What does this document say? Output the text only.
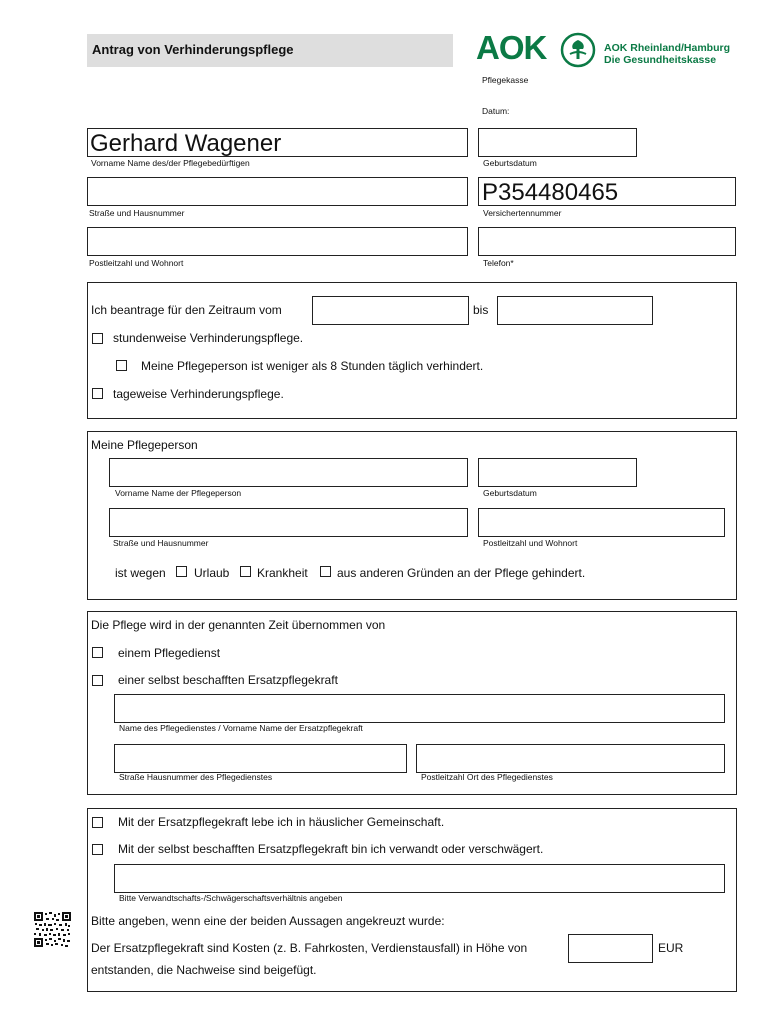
Antrag von Verhinderungspflege	AOK	AOK Rheinland/Hamburg
Die Gesundheitskasse
Pflegekasse
Datum:
Gerhard Wagener
Vorname Name des/der Pflegebedürftigen	Geburtsdatum
Straße und Hausnummer
P354480465
Versichertennummer
Postleitzahl und Wohnort	Telefon*
Ich beantrage für den Zeitraum vom	bis
stundenweise Verhinderungspflege.
Meine Pflegeperson ist weniger als 8 Stunden täglich verhindert.
tageweise Verhinderungspflege.
Meine Pflegeperson
Vorname Name der Pflegeperson	Geburtsdatum
Straße und Hausnummer	Postleitzahl und Wohnort
ist wegen Urlaub Krankheit aus anderen Gründen an der Pflege gehindert.
Die Pflege wird in der genannten Zeit übernommen von
einem Pflegedienst
einer selbst beschafften Ersatzpflegekraft
Name des Pflegedienstes / Vorname Name der Ersatzpflegekraft
Straße Hausnummer des Pflegedienstes	Postleitzahl Ort des Pflegedienstes
Mit der Ersatzpflegekraft lebe ich in häuslicher Gemeinschaft.
Mit der selbst beschafften Ersatzpflegekraft bin ich verwandt oder verschwägert.
Bitte Verwandtschafts-/Schwägerschaftsverhältnis angeben
Bitte angeben, wenn eine der beiden Aussagen angekreuzt wurde:
Der Ersatzpflegekraft sind Kosten (z. B. Fahrkosten, Verdienstausfall) in Höhe von	EUR
entstanden, die Nachweise sind beigefügt.
